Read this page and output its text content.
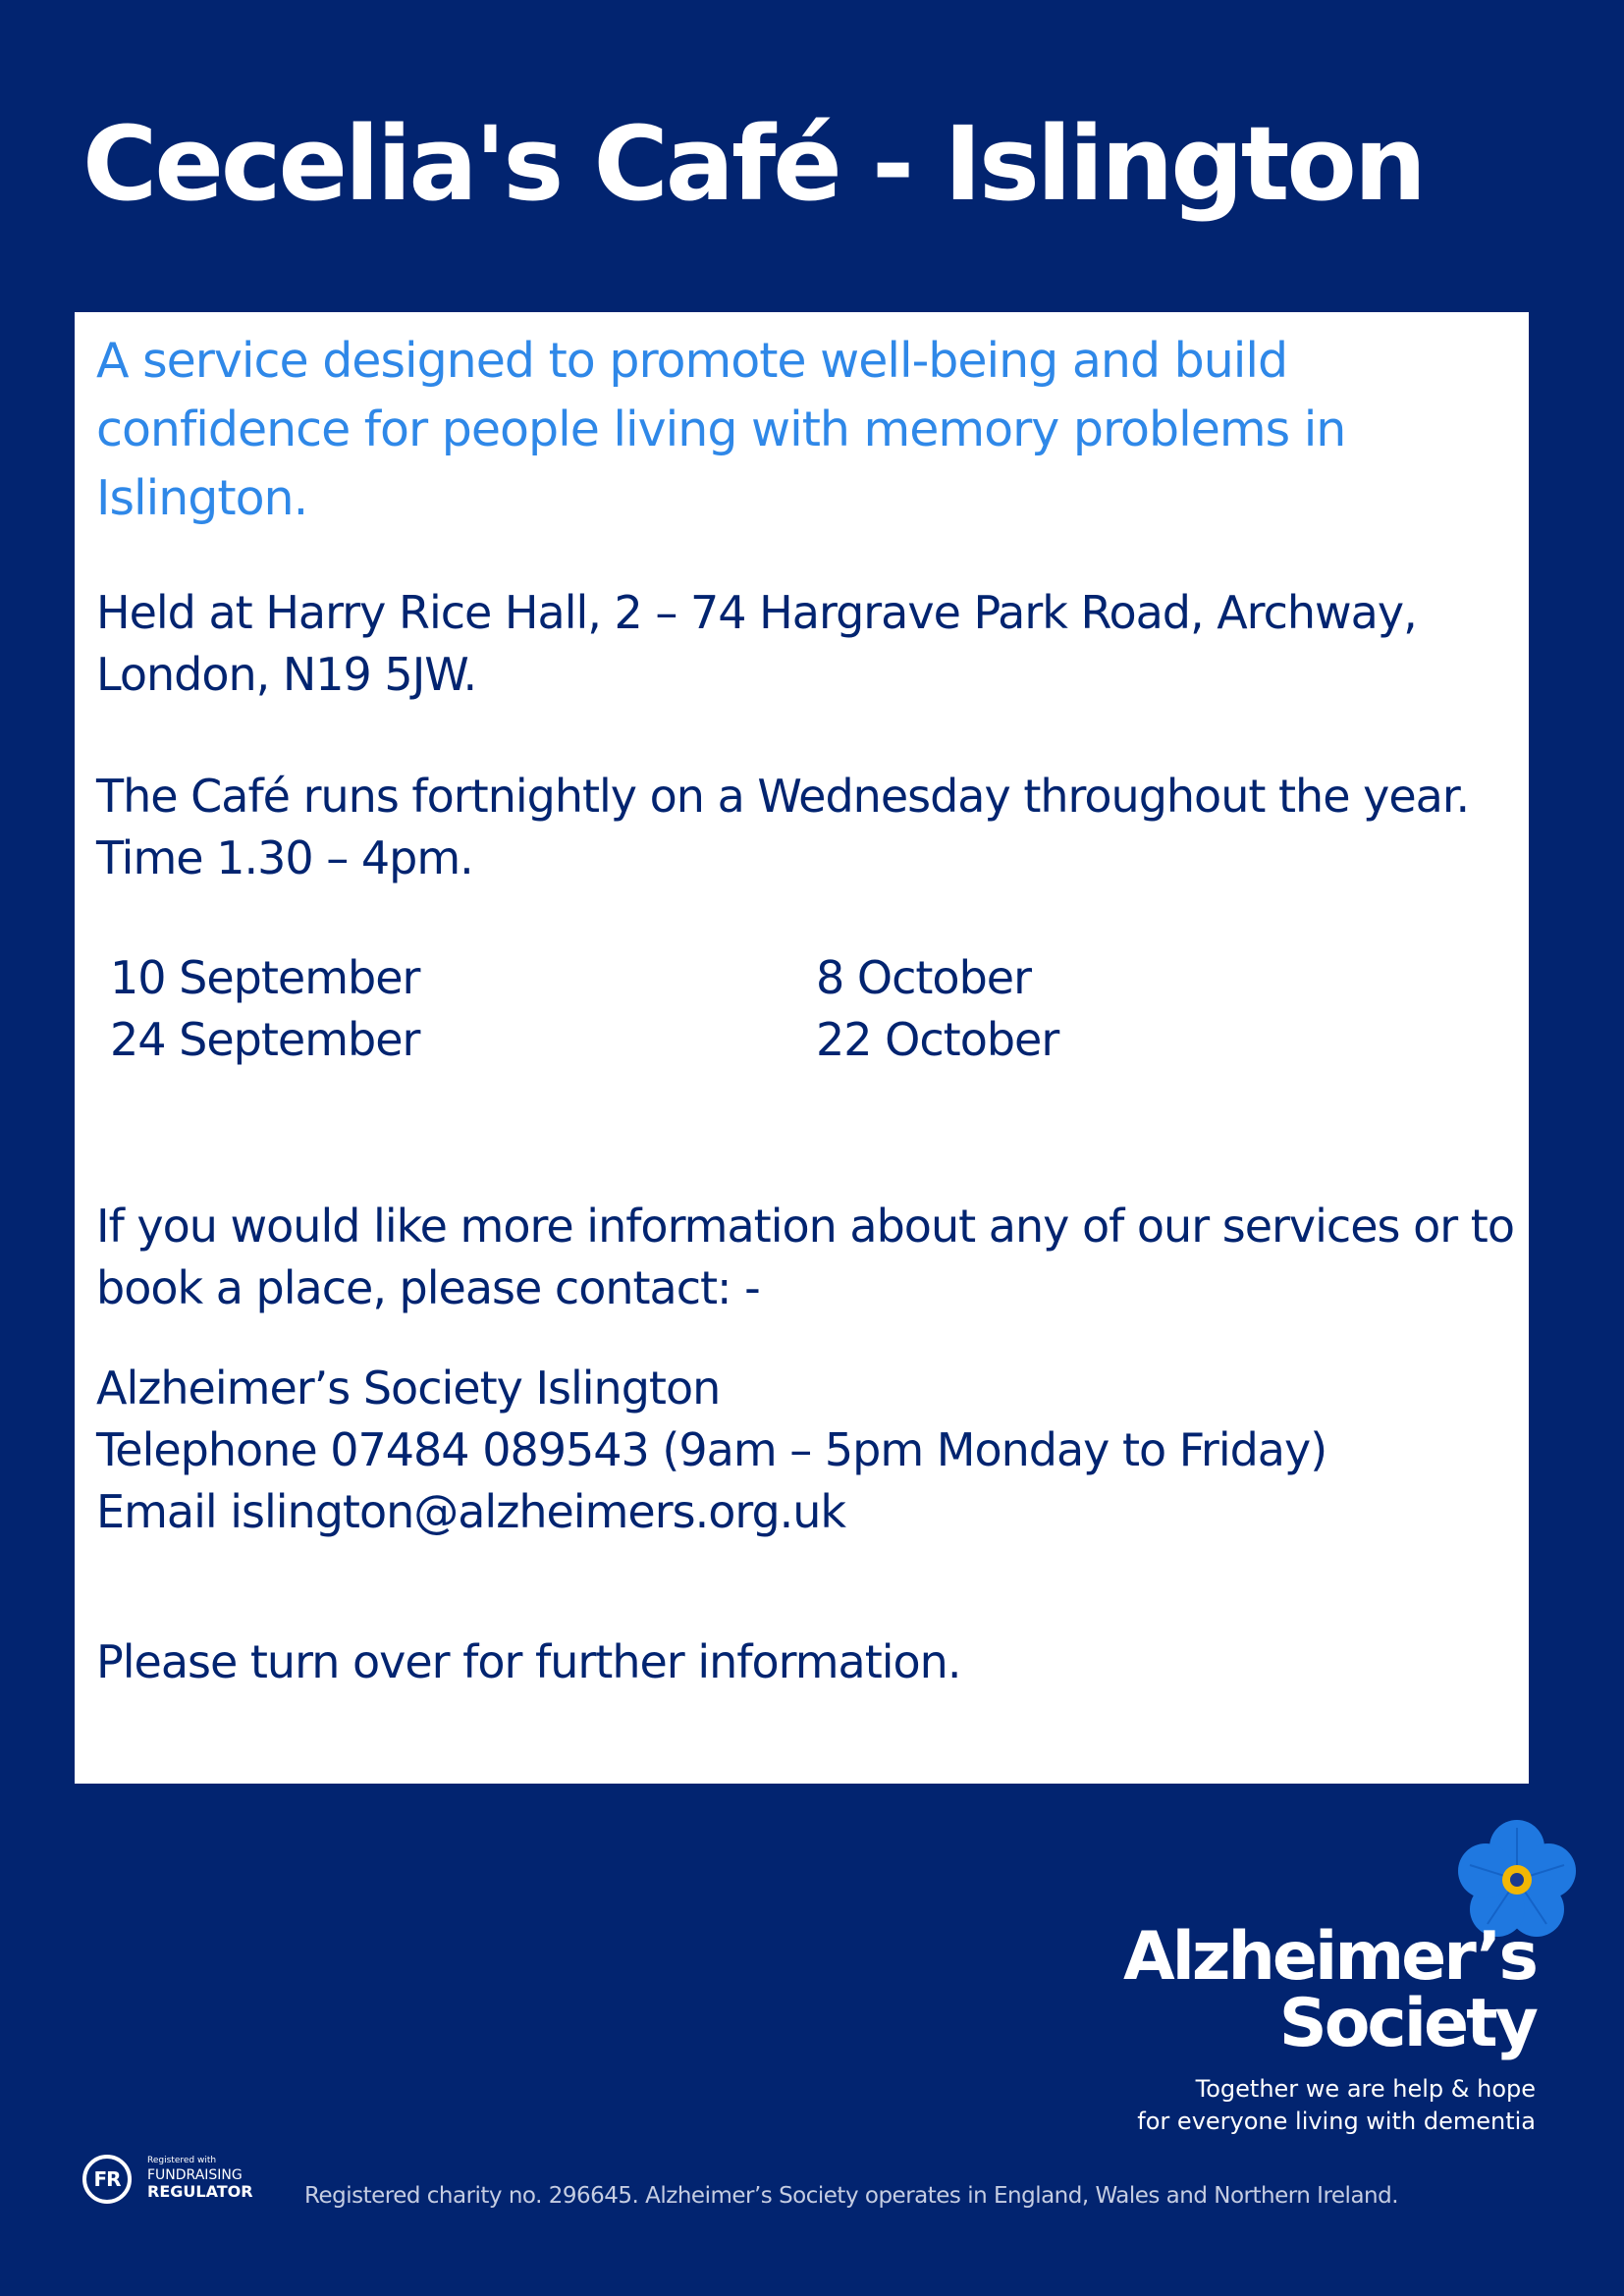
Cecelia's Café - Islington

A service designed to promote well-being and build confidence for people living with memory problems in Islington.

Held at Harry Rice Hall, 2 – 74 Hargrave Park Road, Archway, London, N19 5JW.

The Café runs fortnightly on a Wednesday throughout the year. Time 1.30 – 4pm.

10 September

24 September

8 October

22 October

If you would like more information about any of our services or to book a place, please contact: -

Alzheimer’s Society Islington

Telephone 07484 089543 (9am – 5pm Monday to Friday)

Email islington@alzheimers.org.uk

Please turn over for further information.

Alzheimer’s

Society

Together we are help & hope

for everyone living with dementia

FR

Registered with

FUNDRAISING

REGULATOR Registered charity no. 296645. Alzheimer’s Society operates in England, Wales and Northern Ireland.
